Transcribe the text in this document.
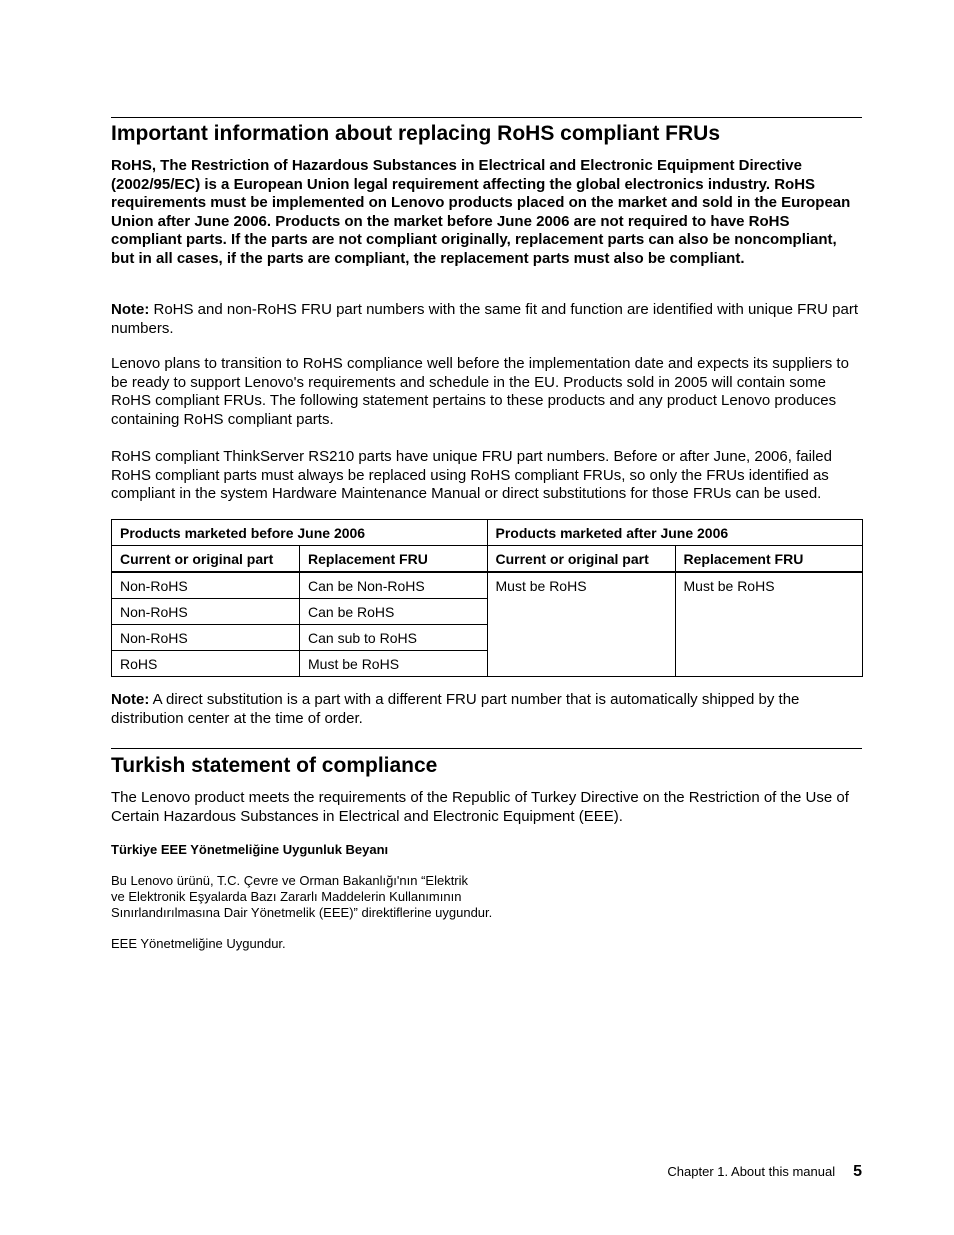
Important information about replacing RoHS compliant FRUs

RoHS, The Restriction of Hazardous Substances in Electrical and Electronic Equipment Directive (2002/95/EC) is a European Union legal requirement affecting the global electronics industry. RoHS requirements must be implemented on Lenovo products placed on the market and sold in the European Union after June 2006. Products on the market before June 2006 are not required to have RoHS compliant parts. If the parts are not compliant originally, replacement parts can also be noncompliant, but in all cases, if the parts are compliant, the replacement parts must also be compliant.

Note: RoHS and non-RoHS FRU part numbers with the same fit and function are identified with unique FRU part numbers.

Lenovo plans to transition to RoHS compliance well before the implementation date and expects its suppliers to be ready to support Lenovo's requirements and schedule in the EU. Products sold in 2005 will contain some RoHS compliant FRUs. The following statement pertains to these products and any product Lenovo produces containing RoHS compliant parts.

RoHS compliant ThinkServer RS210 parts have unique FRU part numbers. Before or after June, 2006, failed RoHS compliant parts must always be replaced using RoHS compliant FRUs, so only the FRUs identified as compliant in the system Hardware Maintenance Manual or direct substitutions for those FRUs can be used.

Products marketed before June 2006		Products marketed after June 2006	
Current or original part	Replacement FRU	Current or original part	Replacement FRU
Non-RoHS	Can be Non-RoHS	Must be RoHS	Must be RoHS
Non-RoHS	Can be RoHS		
Non-RoHS	Can sub to RoHS		
RoHS	Must be RoHS		

Note: A direct substitution is a part with a different FRU part number that is automatically shipped by the distribution center at the time of order.

Turkish statement of compliance

The Lenovo product meets the requirements of the Republic of Turkey Directive on the Restriction of the Use of Certain Hazardous Substances in Electrical and Electronic Equipment (EEE).

Türkiye EEE Yönetmeliğine Uygunluk Beyanı

Bu Lenovo ürünü, T.C. Çevre ve Orman Bakanlığı'nın “Elektrik

ve Elektronik Eşyalarda Bazı Zararlı Maddelerin Kullanımının

Sınırlandırılmasına Dair Yönetmelik (EEE)” direktiflerine uygundur.

EEE Yönetmeliğine Uygundur.

Chapter 1. About this manual 5
